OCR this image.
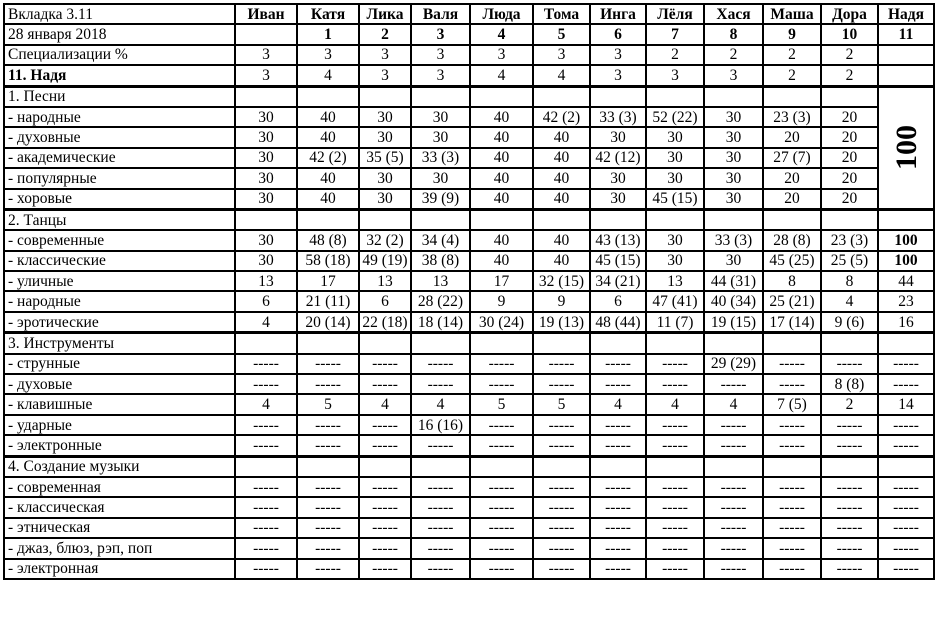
Вкладка 3.11	Иван	Катя	Лика	Валя	Люда	Тома	Инга	Лёля	Хася	Маша	Дора	Надя
28 января 2018		1	2	3	4	5	6	7	8	9	10	11
Специализации %	3	3	3	3	3	3	3	2	2	2	2	
11. Надя	3	4	3	3	4	4	3	3	3	2	2	
1. Песни												100
- народные	30	40	30	30	40	42 (2)	33 (3)	52 (22)	30	23 (3)	20	
- духовные	30	40	30	30	40	40	30	30	30	20	20	
- академические	30	42 (2)	35 (5)	33 (3)	40	40	42 (12)	30	30	27 (7)	20	
- популярные	30	40	30	30	40	40	30	30	30	20	20	
- хоровые	30	40	30	39 (9)	40	40	30	45 (15)	30	20	20	
2. Танцы												
- современные	30	48 (8)	32 (2)	34 (4)	40	40	43 (13)	30	33 (3)	28 (8)	23 (3)	100
- классические	30	58 (18)	49 (19)	38 (8)	40	40	45 (15)	30	30	45 (25)	25 (5)	100
- уличные	13	17	13	13	17	32 (15)	34 (21)	13	44 (31)	8	8	44
- народные	6	21 (11)	6	28 (22)	9	9	6	47 (41)	40 (34)	25 (21)	4	23
- эротические	4	20 (14)	22 (18)	18 (14)	30 (24)	19 (13)	48 (44)	11 (7)	19 (15)	17 (14)	9 (6)	16
3. Инструменты												
- струнные	-----	-----	-----	-----	-----	-----	-----	-----	29 (29)	-----	-----	-----
- духовые	-----	-----	-----	-----	-----	-----	-----	-----	-----	-----	8 (8)	-----
- клавишные	4	5	4	4	5	5	4	4	4	7 (5)	2	14
- ударные	-----	-----	-----	16 (16)	-----	-----	-----	-----	-----	-----	-----	-----
- электронные	-----	-----	-----	-----	-----	-----	-----	-----	-----	-----	-----	-----
4. Создание музыки												
- современная	-----	-----	-----	-----	-----	-----	-----	-----	-----	-----	-----	-----
- классическая	-----	-----	-----	-----	-----	-----	-----	-----	-----	-----	-----	-----
- этническая	-----	-----	-----	-----	-----	-----	-----	-----	-----	-----	-----	-----
- джаз, блюз, рэп, поп	-----	-----	-----	-----	-----	-----	-----	-----	-----	-----	-----	-----
- электронная	-----	-----	-----	-----	-----	-----	-----	-----	-----	-----	-----	-----
